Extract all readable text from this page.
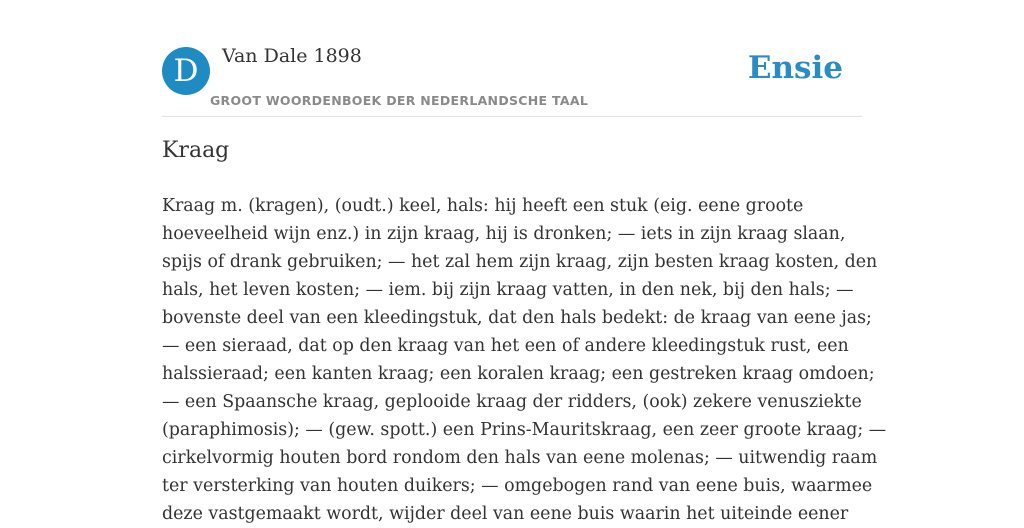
D	Van Dale 1898
GROOT WOORDENBOEK DER NEDERLANDSCHE TAAL
Ensie
Kraag

Kraag m. (kragen), (oudt.) keel, hals: hij heeft een stuk (eig. eene groote
hoeveelheid wijn enz.) in zijn kraag, hij is dronken; — iets in zijn kraag slaan,
spijs of drank gebruiken; — het zal hem zijn kraag, zijn besten kraag kosten, den
hals, het leven kosten; — iem. bij zijn kraag vatten, in den nek, bij den hals; —
bovenste deel van een kleedingstuk, dat den hals bedekt: de kraag van eene jas;
— een sieraad, dat op den kraag van het een of andere kleedingstuk rust, een
halssieraad; een kanten kraag; een koralen kraag; een gestreken kraag omdoen;
— een Spaansche kraag, geplooide kraag der ridders, (ook) zekere venusziekte
(paraphimosis); — (gew. spott.) een Prins-Mauritskraag, een zeer groote kraag; —
cirkelvormig houten bord rondom den hals van eene molenas; — uitwendig raam
ter versterking van houten duikers; — omgebogen rand van eene buis, waarmee
deze vastgemaakt wordt, wijder deel van eene buis waarin het uiteinde eener
